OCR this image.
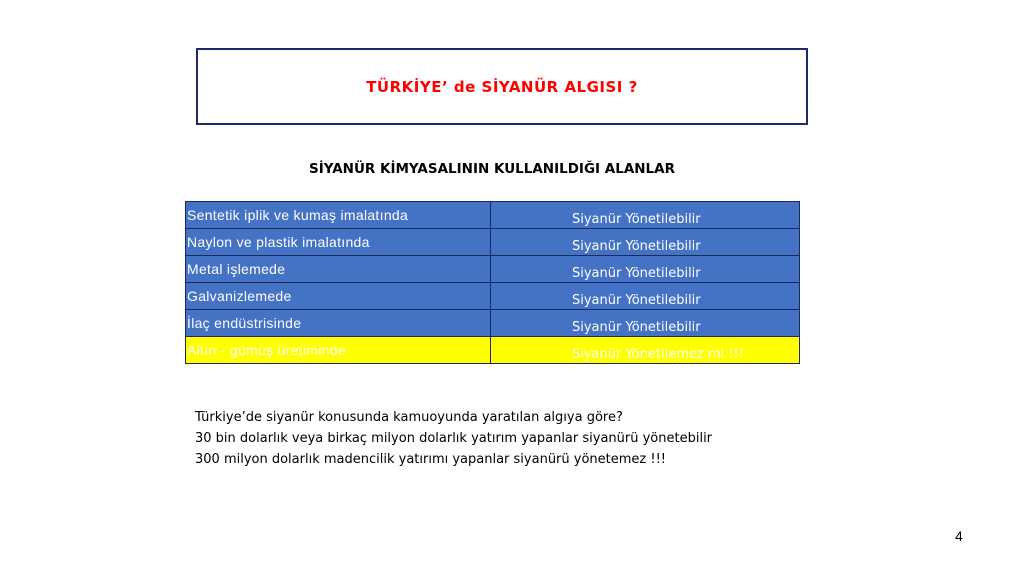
TÜRKİYE’ de SİYANÜR ALGISI ?
SİYANÜR KİMYASALININ KULLANILDIĞI ALANLAR
Sentetik iplik ve kumaş imalatında	Siyanür Yönetilebilir
Naylon ve plastik imalatında	Siyanür Yönetilebilir
Metal işlemede	Siyanür Yönetilebilir
Galvanizlemede	Siyanür Yönetilebilir
İlaç endüstrisinde	Siyanür Yönetilebilir
Altın - gümüş üretiminde	Siyanür Yönetilemez mi !!!
Türkiye’de siyanür konusunda kamuoyunda yaratılan algıya göre?
30 bin dolarlık veya birkaç milyon dolarlık yatırım yapanlar siyanürü yönetebilir
300 milyon dolarlık madencilik yatırımı yapanlar siyanürü yönetemez !!!
4
